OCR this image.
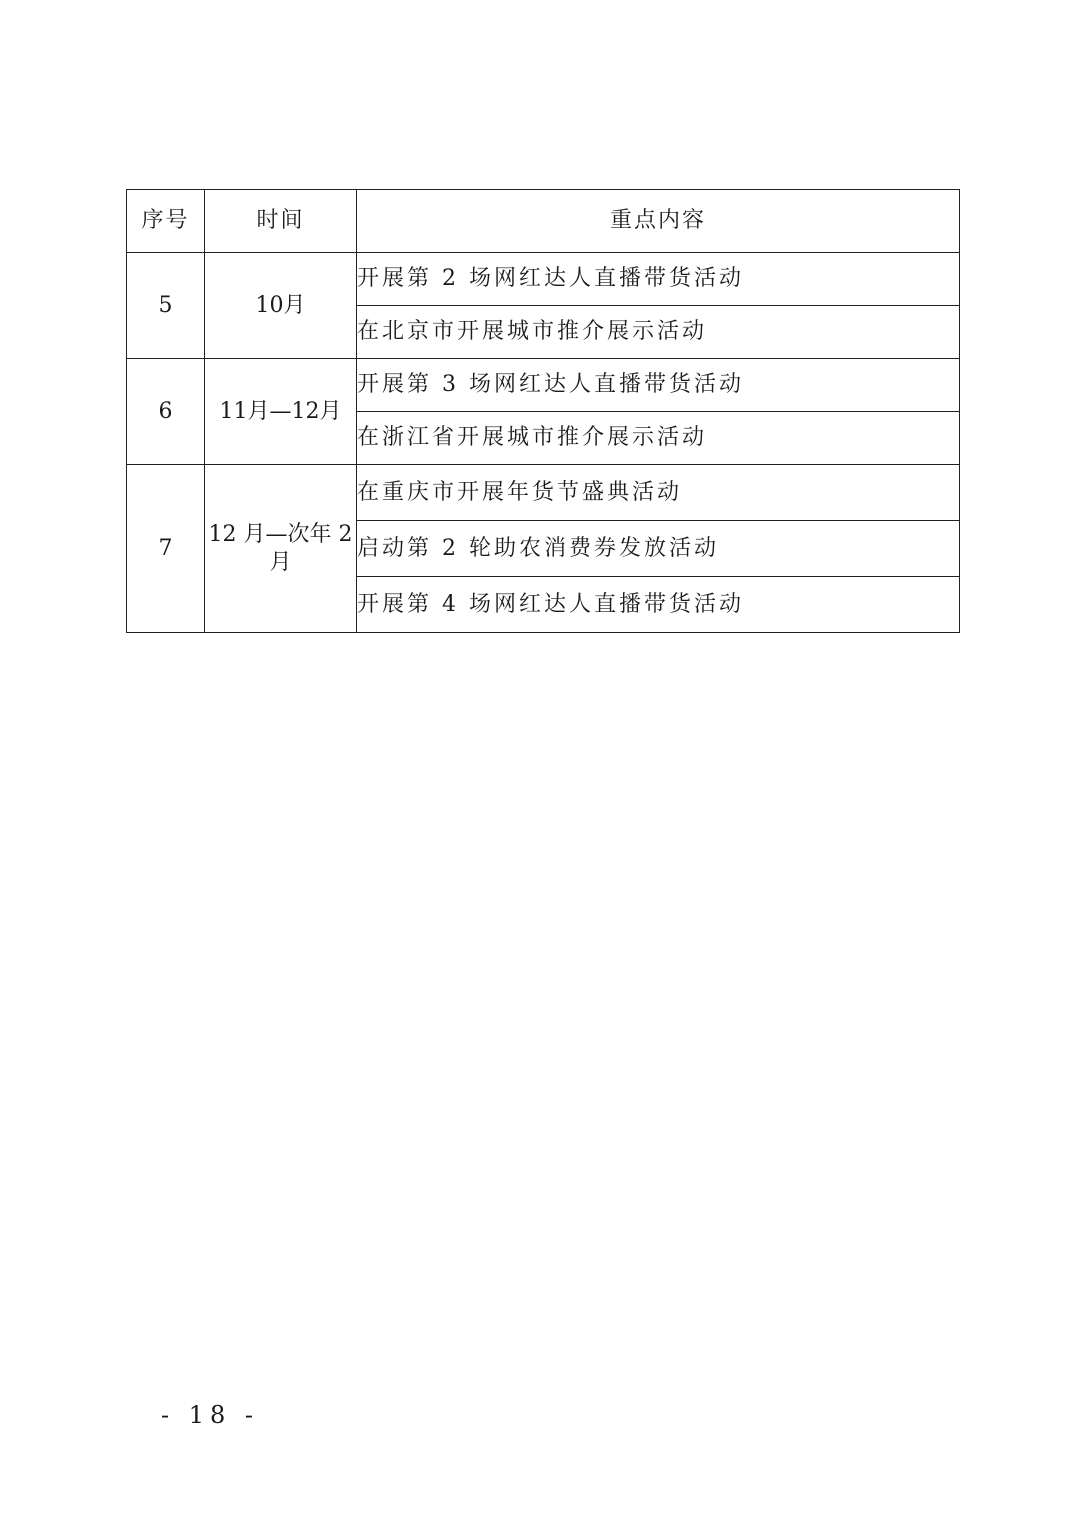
序号	时间	重点内容
5	10月	开展第 2 场网红达人直播带货活动
		在北京市开展城市推介展示活动
6	11月—12月	开展第 3 场网红达人直播带货活动
		在浙江省开展城市推介展示活动
7	12 月—次年 2 月	在重庆市开展年货节盛典活动
		启动第 2 轮助农消费券发放活动
		开展第 4 场网红达人直播带货活动
- 18 -
